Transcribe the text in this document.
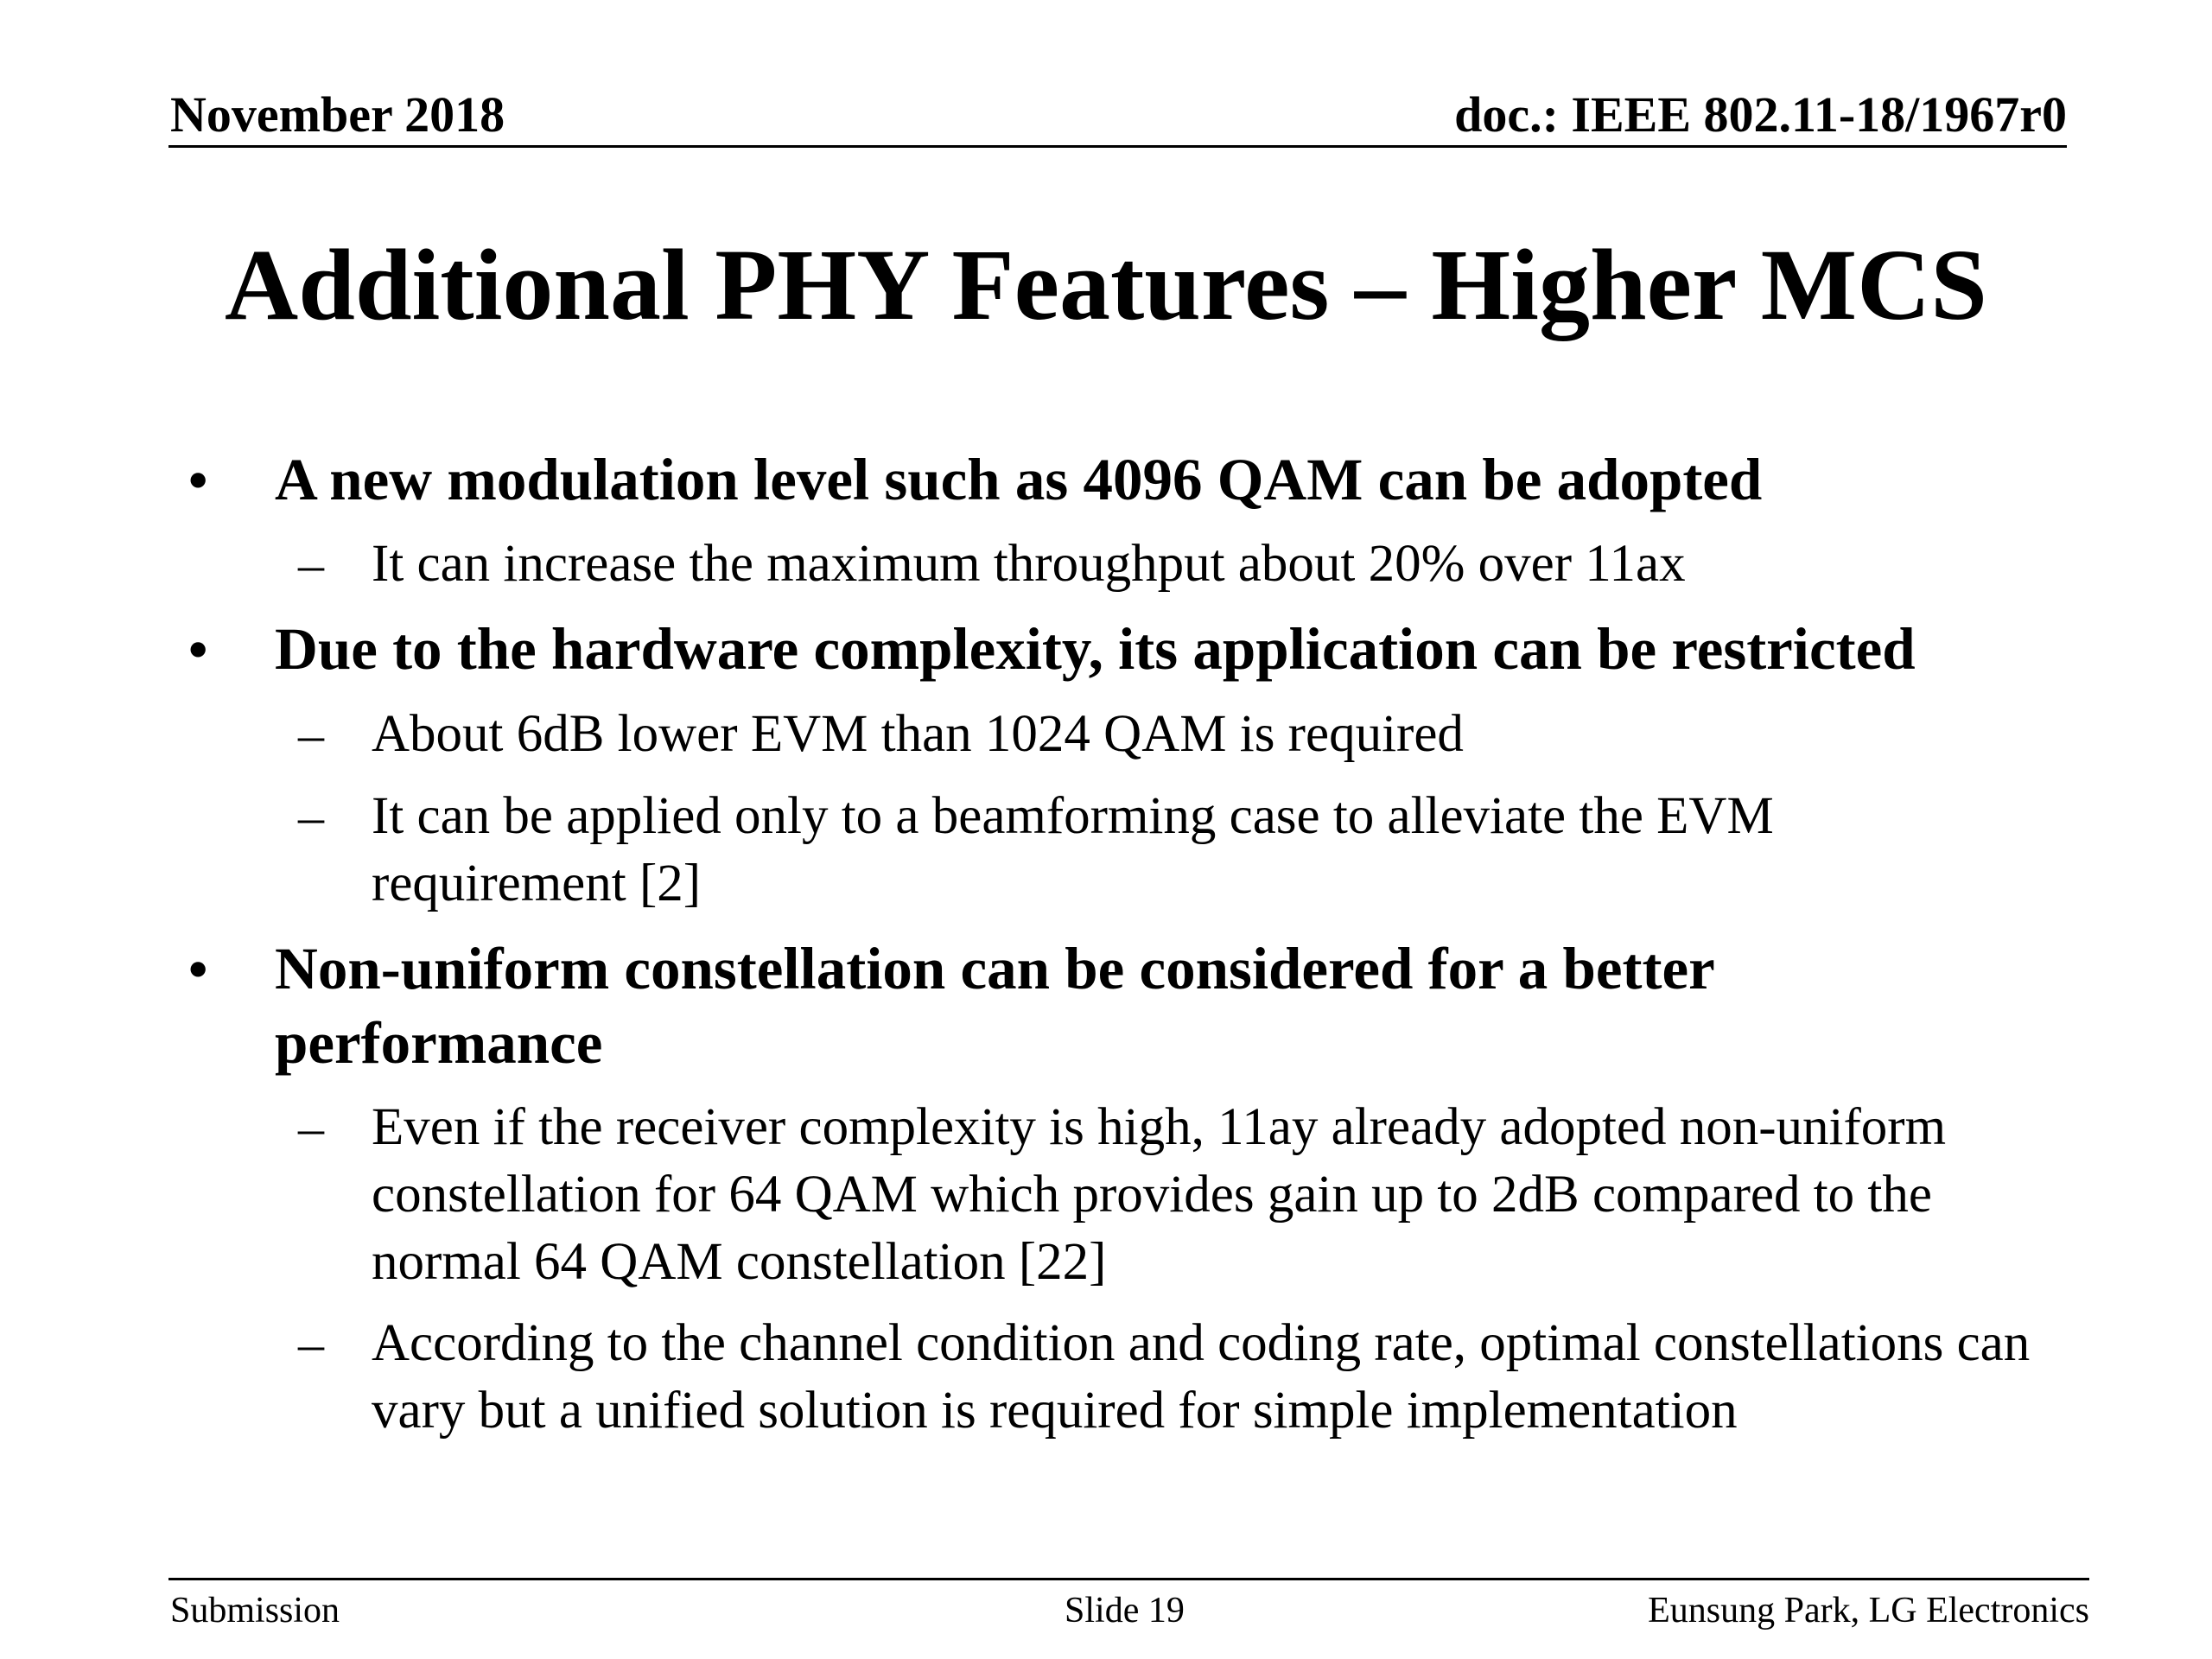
November 2018	doc.: IEEE 802.11-18/1967r0
Additional PHY Features – Higher MCS
• A new modulation level such as 4096 QAM can be adopted
– It can increase the maximum throughput about 20% over 11ax
• Due to the hardware complexity, its application can be restricted
– About 6dB lower EVM than 1024 QAM is required
– It can be applied only to a beamforming case to alleviate the EVM requirement [2]
• Non-uniform constellation can be considered for a better performance
– Even if the receiver complexity is high, 11ay already adopted non-uniform constellation for 64 QAM which provides gain up to 2dB compared to the normal 64 QAM constellation [22]
– According to the channel condition and coding rate, optimal constellations can vary but a unified solution is required for simple implementation
Submission	Slide 19	Eunsung Park, LG Electronics
